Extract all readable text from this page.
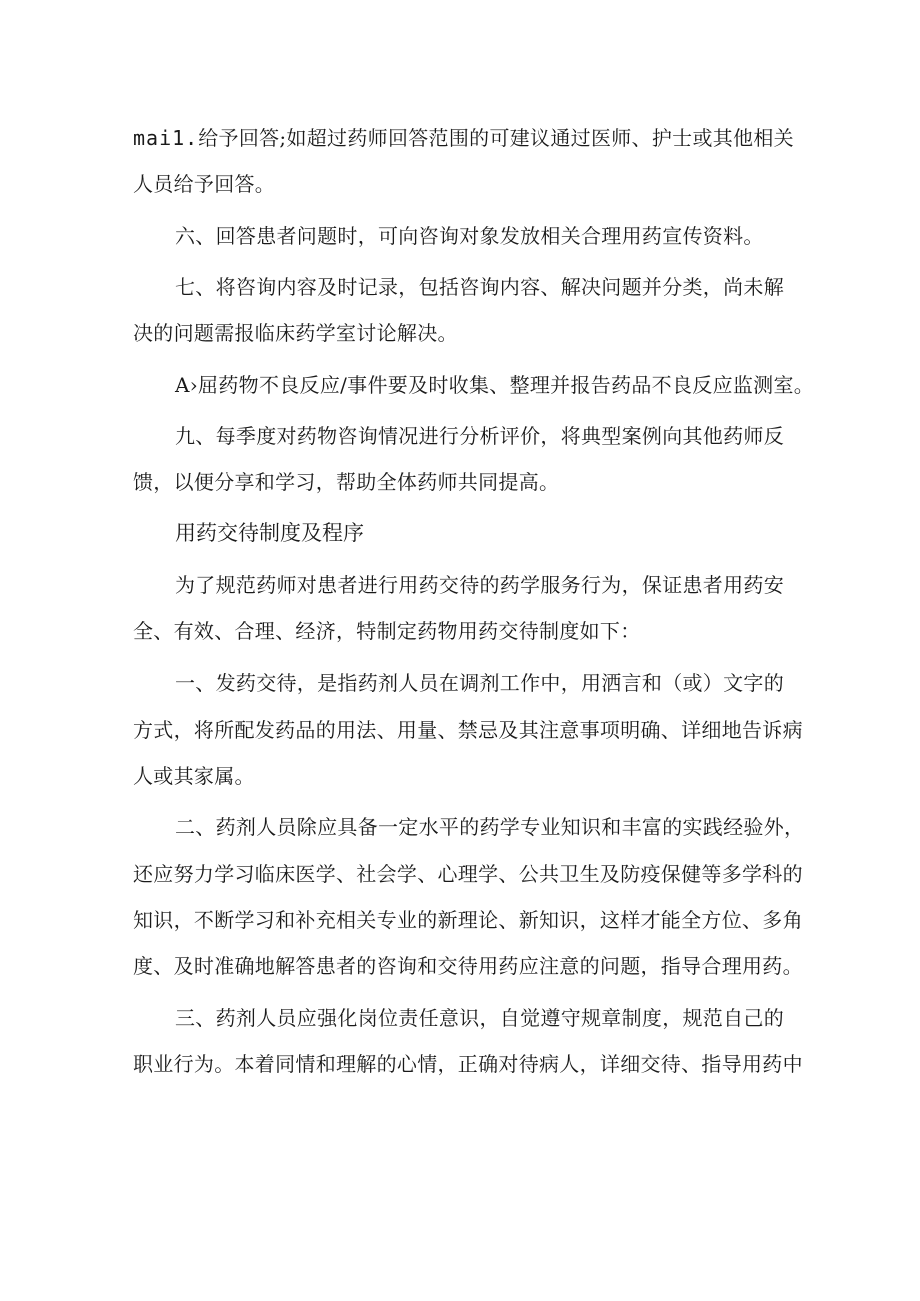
mai1.给予回答;如超过药师回答范围的可建议通过医师、护士或其他相关
人员给予回答。
六、回答患者问题时，可向咨询对象发放相关合理用药宣传资料。
七、将咨询内容及时记录，包括咨询内容、解决问题并分类，尚未解
决的问题需报临床药学室讨论解决。
A›屈药物不良反应/事件要及时收集、整理并报告药品不良反应监测室。
九、每季度对药物咨询情况进行分析评价，将典型案例向其他药师反
馈，以便分享和学习，帮助全体药师共同提高。
用药交待制度及程序
为了规范药师对患者进行用药交待的药学服务行为，保证患者用药安
全、有效、合理、经济，特制定药物用药交待制度如下：
一、发药交待，是指药剂人员在调剂工作中，用洒言和（或）文字的
方式，将所配发药品的用法、用量、禁忌及其注意事项明确、详细地告诉病
人或其家属。
二、药剂人员除应具备一定水平的药学专业知识和丰富的实践经验外，
还应努力学习临床医学、社会学、心理学、公共卫生及防疫保健等多学科的
知识，不断学习和补充相关专业的新理论、新知识，这样才能全方位、多角
度、及时准确地解答患者的咨询和交待用药应注意的问题，指导合理用药。
三、药剂人员应强化岗位责任意识，自觉遵守规章制度，规范自己的
职业行为。本着同情和理解的心情，正确对待病人，详细交待、指导用药中
